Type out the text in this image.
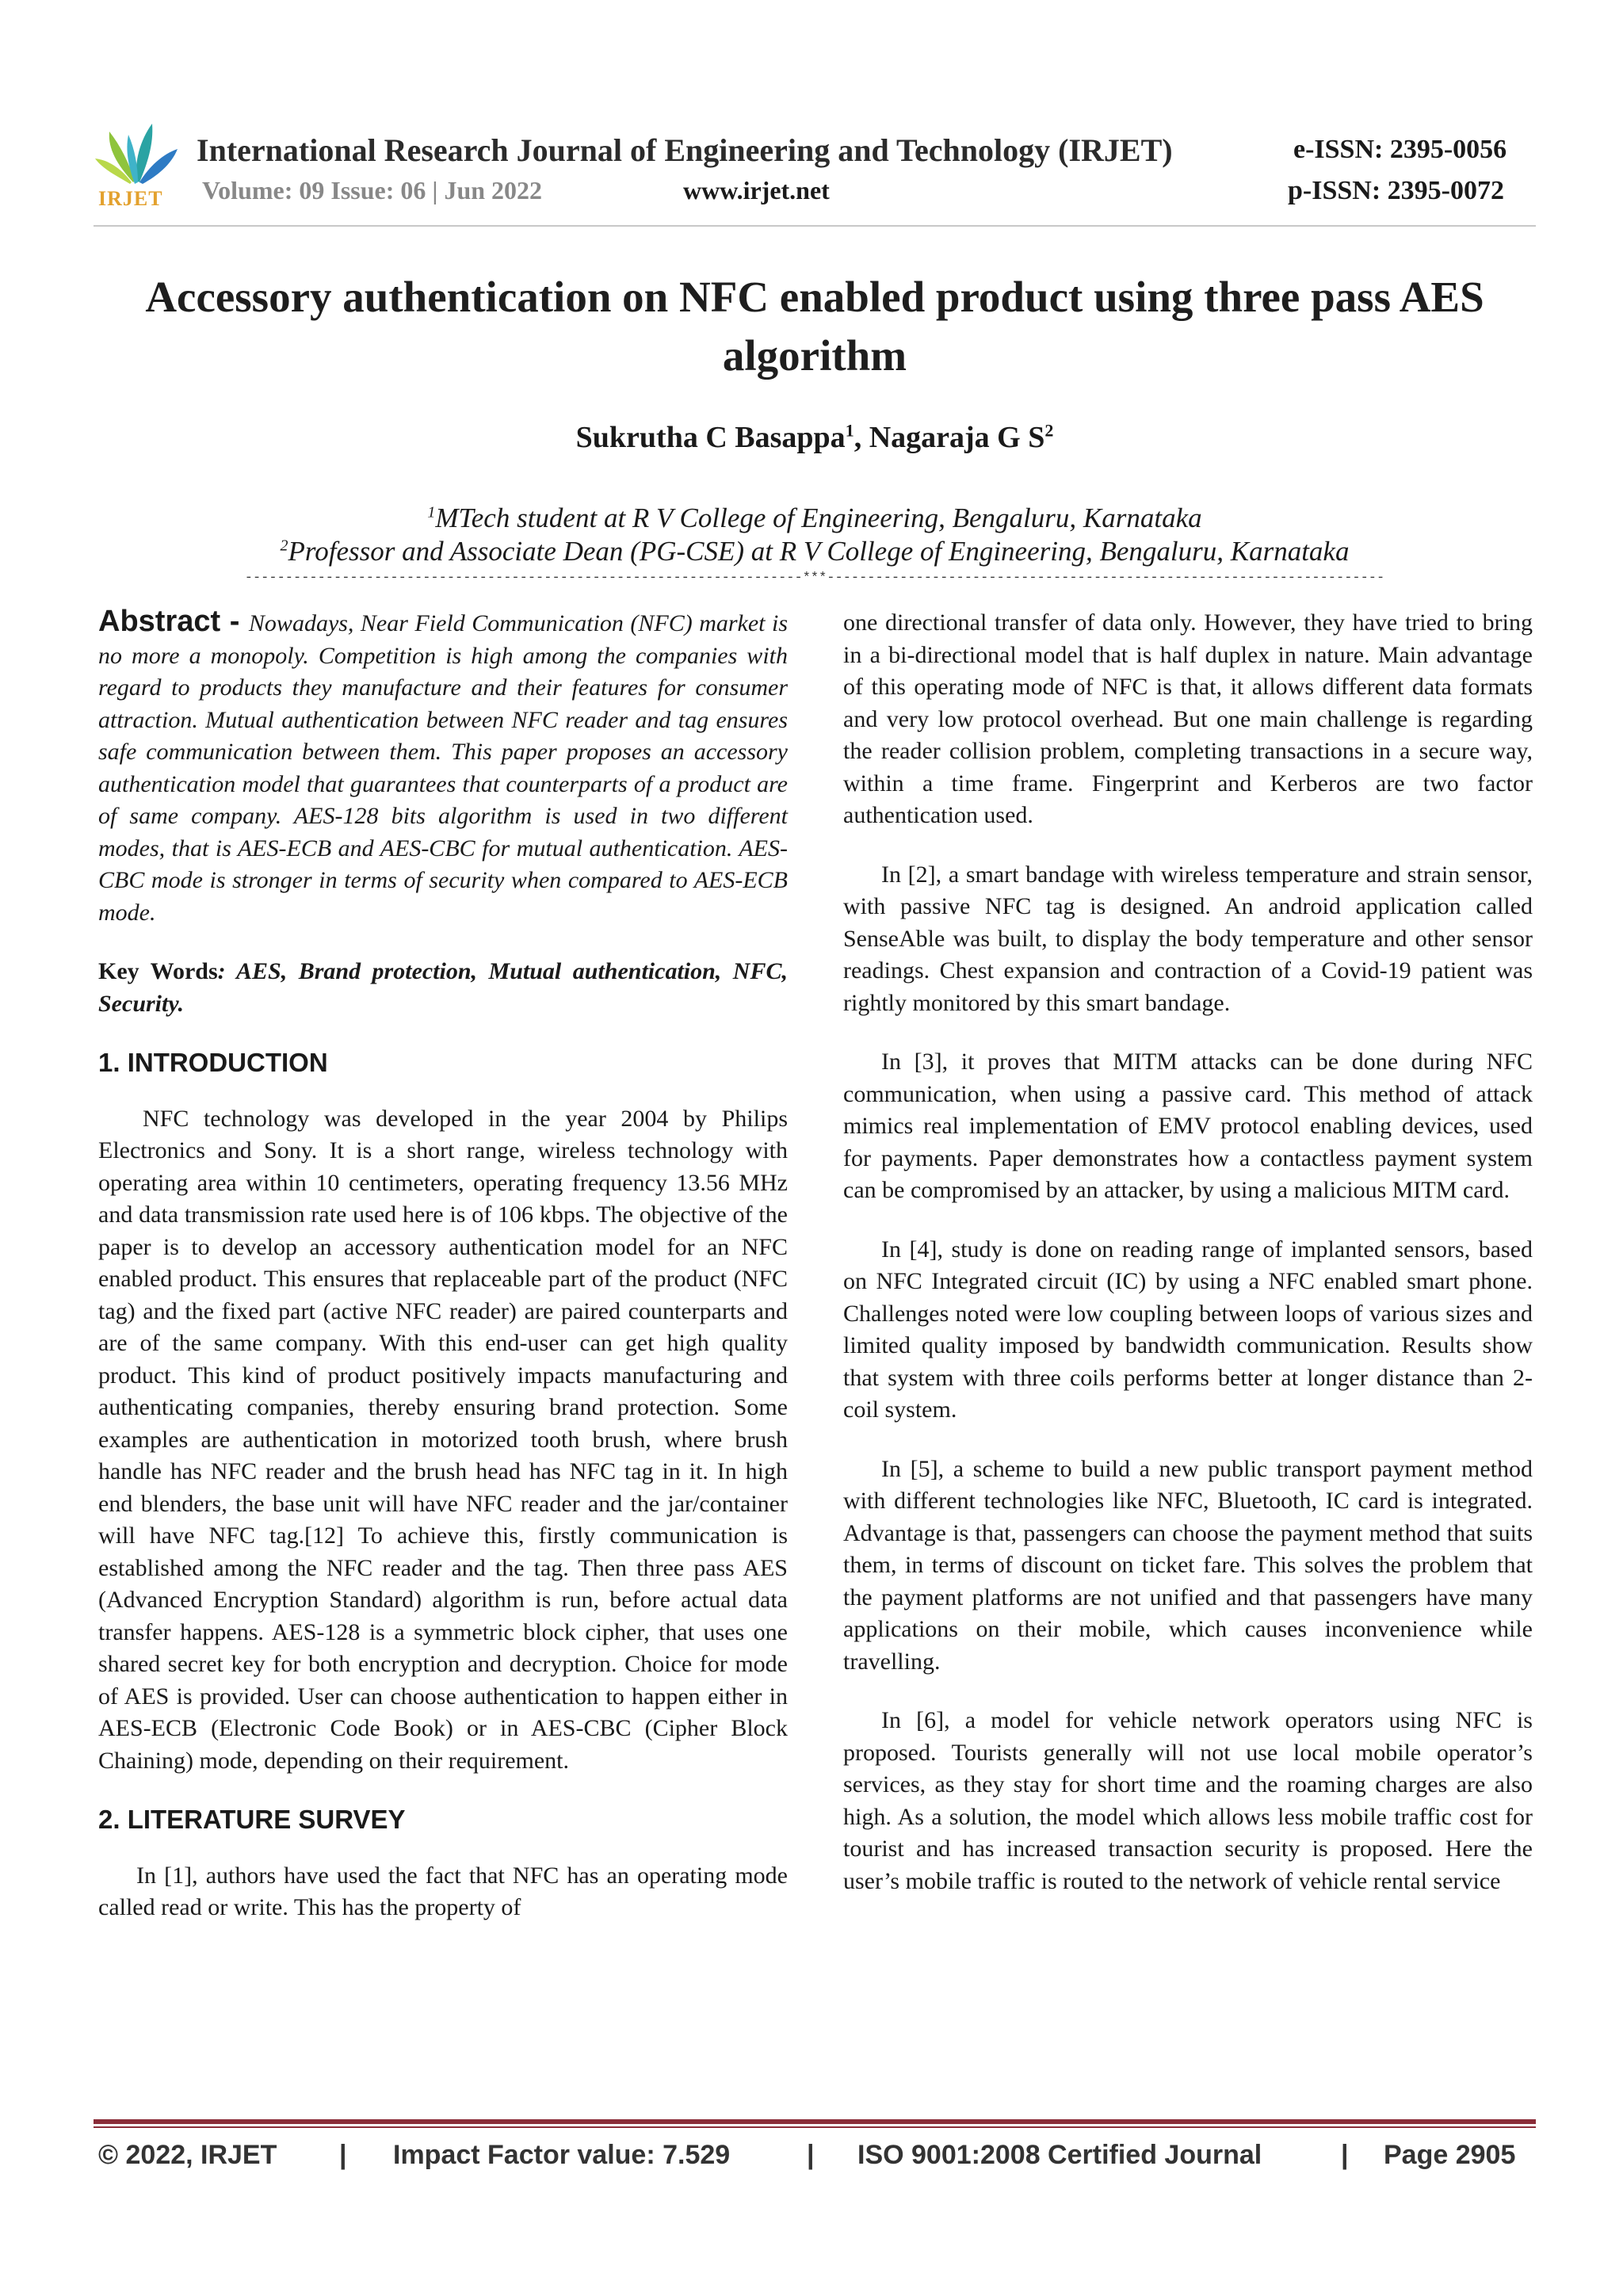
IRJET
International Research Journal of Engineering and Technology (IRJET)	e-ISSN: 2395-0056
Volume: 09 Issue: 06 | Jun 2022	www.irjet.net	p-ISSN: 2395-0072
Accessory authentication on NFC enabled product using three pass AES
algorithm
Sukrutha C Basappa$^1$, Nagaraja G $S^2$
$^1$MTech student at R V College of Engineering, Bengaluru, Karnataka
$^2$Professor and Associate Dean (PG-CSE) at R V College of Engineering, Bengaluru, Karnataka
---------------------------------------------------------------------***---------------------------------------------------------------------

Abstract - Nowadays, Near Field Communication (NFC) market is no more a monopoly. Competition is high among the companies with regard to products they manufacture and their features for consumer attraction. Mutual authentication between NFC reader and tag ensures safe communication between them. This paper proposes an accessory authentication model that guarantees that counterparts of a product are of same company. AES-128 bits algorithm is used in two different modes, that is AES-ECB and AES-CBC for mutual authentication. AES-CBC mode is stronger in terms of security when compared to AES-ECB mode.

Key Words: AES, Brand protection, Mutual authentication, NFC, Security.

1. INTRODUCTION

NFC technology was developed in the year 2004 by Philips Electronics and Sony. It is a short range, wireless technology with operating area within 10 centimeters, operating frequency 13.56 MHz and data transmission rate used here is of 106 kbps. The objective of the paper is to develop an accessory authentication model for an NFC enabled product. This ensures that replaceable part of the product (NFC tag) and the fixed part (active NFC reader) are paired counterparts and are of the same company. With this end-user can get high quality product. This kind of product positively impacts manufacturing and authenticating companies, thereby ensuring brand protection. Some examples are authentication in motorized tooth brush, where brush handle has NFC reader and the brush head has NFC tag in it. In high end blenders, the base unit will have NFC reader and the jar/container will have NFC tag.[12] To achieve this, firstly communication is established among the NFC reader and the tag. Then three pass AES (Advanced Encryption Standard) algorithm is run, before actual data transfer happens. AES-128 is a symmetric block cipher, that uses one shared secret key for both encryption and decryption. Choice for mode of AES is provided. User can choose authentication to happen either in AES-ECB (Electronic Code Book) or in AES-CBC (Cipher Block Chaining) mode, depending on their requirement.

2. LITERATURE SURVEY

In [1], authors have used the fact that NFC has an operating mode called read or write. This has the property of

one directional transfer of data only. However, they have tried to bring in a bi-directional model that is half duplex in nature. Main advantage of this operating mode of NFC is that, it allows different data formats and very low protocol overhead. But one main challenge is regarding the reader collision problem, completing transactions in a secure way, within a time frame. Fingerprint and Kerberos are two factor authentication used.

In [2], a smart bandage with wireless temperature and strain sensor, with passive NFC tag is designed. An android application called SenseAble was built, to display the body temperature and other sensor readings. Chest expansion and contraction of a Covid-19 patient was rightly monitored by this smart bandage.

In [3], it proves that MITM attacks can be done during NFC communication, when using a passive card. This method of attack mimics real implementation of EMV protocol enabling devices, used for payments. Paper demonstrates how a contactless payment system can be compromised by an attacker, by using a malicious MITM card.

In [4], study is done on reading range of implanted sensors, based on NFC Integrated circuit (IC) by using a NFC enabled smart phone. Challenges noted were low coupling between loops of various sizes and limited quality imposed by bandwidth communication. Results show that system with three coils performs better at longer distance than 2-coil system.

In [5], a scheme to build a new public transport payment method with different technologies like NFC, Bluetooth, IC card is integrated. Advantage is that, passengers can choose the payment method that suits them, in terms of discount on ticket fare. This solves the problem that the payment platforms are not unified and that passengers have many applications on their mobile, which causes inconvenience while travelling.

In [6], a model for vehicle network operators using NFC is proposed. Tourists generally will not use local mobile operator’s services, as they stay for short time and the roaming charges are also high. As a solution, the model which allows less mobile traffic cost for tourist and has increased transaction security is proposed. Here the user’s mobile traffic is routed to the network of vehicle rental service

© 2022, IRJET | Impact Factor value: 7.529	| ISO 9001:2008 Certified Journal	| Page 2905
